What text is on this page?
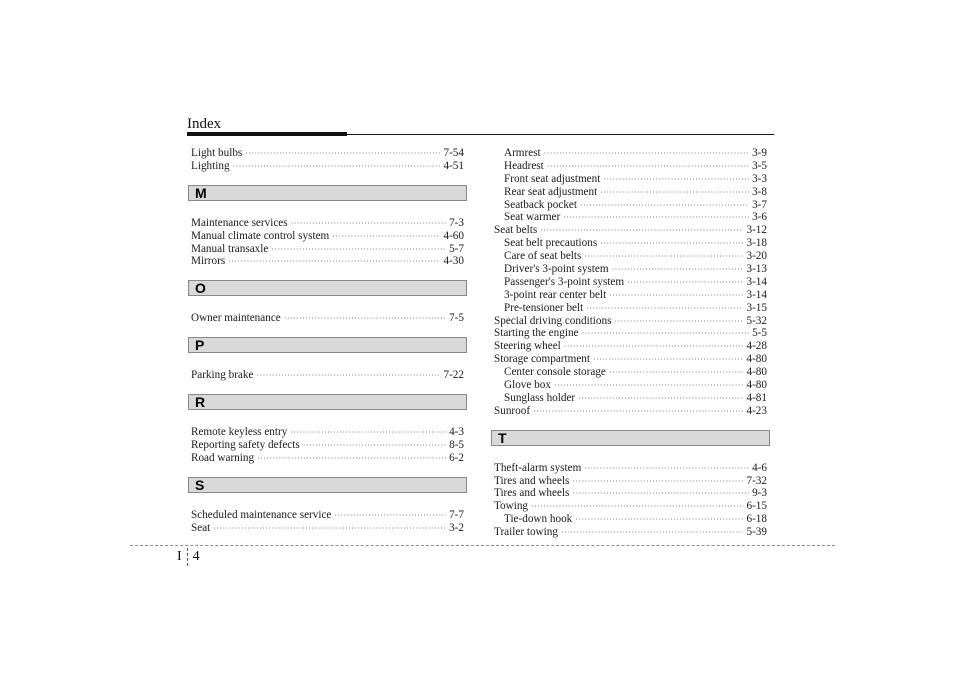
Index
Light bulbs ·····	7-54
Lighting ·····	4-51
M
Maintenance services ·····	7-3
Manual climate control system ·····	4-60
Manual transaxle ·····	5-7
Mirrors ·····	4-30
O
Owner maintenance ·····	7-5
P
Parking brake ·····	7-22
R
Remote keyless entry ·····	4-3
Reporting safety defects ·····	8-5
Road warning ·····	6-2
S
Scheduled maintenance service ·····	7-7
Seat ·····	3-2
Armrest ·····	3-9
Headrest ·····	3-5
Front seat adjustment ·····	3-3
Rear seat adjustment ·····	3-8
Seatback pocket ·····	3-7
Seat warmer ·····	3-6
Seat belts ·····	3-12
Seat belt precautions ·····	3-18
Care of seat belts ·····	3-20
Driver's 3-point system ·····	3-13
Passenger's 3-point system ·····	3-14
3-point rear center belt ·····	3-14
Pre-tensioner belt ·····	3-15
Special driving conditions ·····	5-32
Starting the engine ·····	5-5
Steering wheel ·····	4-28
Storage compartment ·····	4-80
Center console storage ·····	4-80
Glove box ·····	4-80
Sunglass holder ·····	4-81
Sunroof ·····	4-23
T
Theft-alarm system ·····	4-6
Tires and wheels ·····	7-32
Tires and wheels ·····	9-3
Towing ·····	6-15
Tie-down hook ·····	6-18
Trailer towing ·····	5-39
I 4
